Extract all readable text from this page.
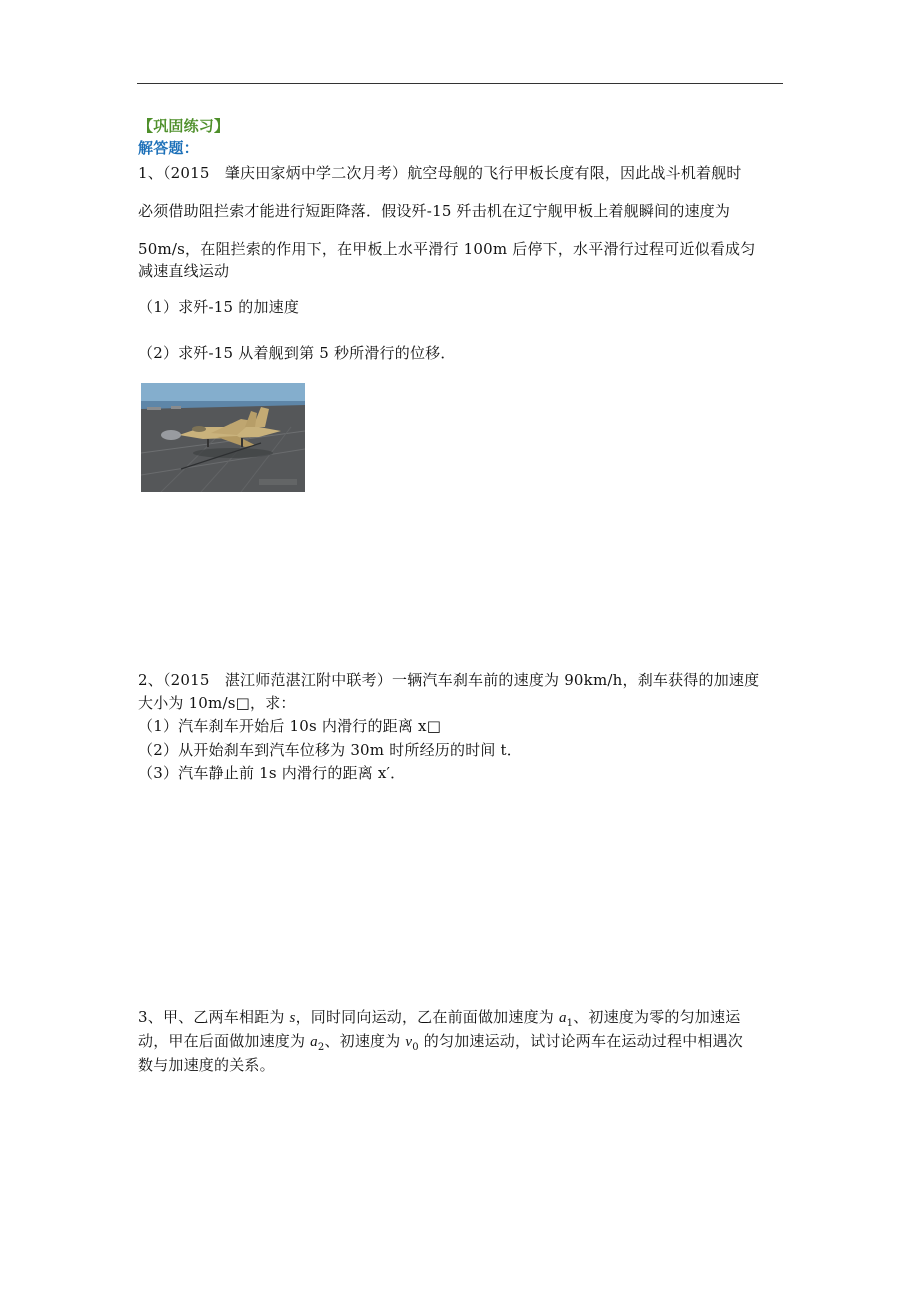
【巩固练习】
解答题：
1、（2015　肇庆田家炳中学二次月考）航空母舰的飞行甲板长度有限，因此战斗机着舰时
必须借助阻拦索才能进行短距降落．假设歼-15 歼击机在辽宁舰甲板上着舰瞬间的速度为
50m/s，在阻拦索的作用下，在甲板上水平滑行 100m 后停下，水平滑行过程可近似看成匀
减速直线运动
（1）求歼-15 的加速度
（2）求歼-15 从着舰到第 5 秒所滑行的位移．
2、（2015　湛江师范湛江附中联考）一辆汽车刹车前的速度为 90km/h，刹车获得的加速度
大小为 10m/s□，求：
（1）汽车刹车开始后 10s 内滑行的距离 x□
（2）从开始刹车到汽车位移为 30m 时所经历的时间 t．
（3）汽车静止前 1s 内滑行的距离 x′．
3、甲、乙两车相距为 s，同时同向运动，乙在前面做加速度为 $a_1$、初速度为零的匀加速运
动，甲在后面做加速度为 $a_2$、初速度为 $v_0$ 的匀加速运动，试讨论两车在运动过程中相遇次
数与加速度的关系。
